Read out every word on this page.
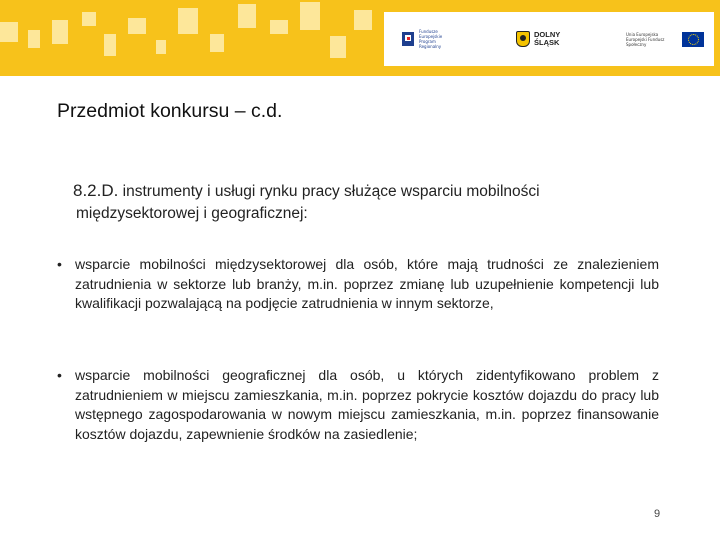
Fundusze Europejskie Program Regionalny
DOLNY ŚLĄSK
Unia Europejska Europejski Fundusz Społeczny
Przedmiot konkursu – c.d.
8.2.D. instrumenty i usługi rynku pracy służące wsparciu mobilności
międzysektorowej i geograficznej:
• wsparcie mobilności międzysektorowej dla osób, które mają trudności ze znalezieniem zatrudnienia w sektorze lub branży, m.in. poprzez zmianę lub uzupełnienie kompetencji lub kwalifikacji pozwalającą na podjęcie zatrudnienia w innym sektorze,
• wsparcie mobilności geograficznej dla osób, u których zidentyfikowano problem z zatrudnieniem w miejscu zamieszkania, m.in. poprzez pokrycie kosztów dojazdu do pracy lub wstępnego zagospodarowania w nowym miejscu zamieszkania, m.in. poprzez finansowanie kosztów dojazdu, zapewnienie środków na zasiedlenie;
9
